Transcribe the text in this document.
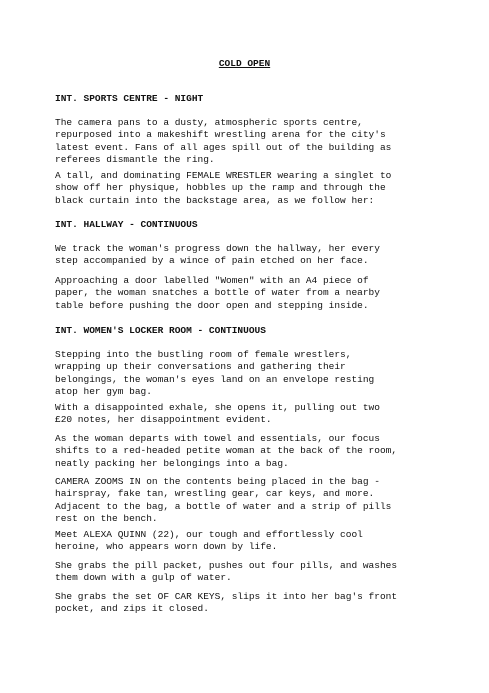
COLD OPEN

INT. SPORTS CENTRE - NIGHT

The camera pans to a dusty, atmospheric sports centre,
repurposed into a makeshift wrestling arena for the city's
latest event. Fans of all ages spill out of the building as
referees dismantle the ring.

A tall, and dominating FEMALE WRESTLER wearing a singlet to
show off her physique, hobbles up the ramp and through the
black curtain into the backstage area, as we follow her:

INT. HALLWAY - CONTINUOUS

We track the woman's progress down the hallway, her every
step accompanied by a wince of pain etched on her face.

Approaching a door labelled "Women" with an A4 piece of
paper, the woman snatches a bottle of water from a nearby
table before pushing the door open and stepping inside.

INT. WOMEN'S LOCKER ROOM - CONTINUOUS

Stepping into the bustling room of female wrestlers,
wrapping up their conversations and gathering their
belongings, the woman's eyes land on an envelope resting
atop her gym bag.

With a disappointed exhale, she opens it, pulling out two
£20 notes, her disappointment evident.

As the woman departs with towel and essentials, our focus
shifts to a red-headed petite woman at the back of the room,
neatly packing her belongings into a bag.

CAMERA ZOOMS IN on the contents being placed in the bag -
hairspray, fake tan, wrestling gear, car keys, and more.
Adjacent to the bag, a bottle of water and a strip of pills
rest on the bench.

Meet ALEXA QUINN (22), our tough and effortlessly cool
heroine, who appears worn down by life.

She grabs the pill packet, pushes out four pills, and washes
them down with a gulp of water.

She grabs the set OF CAR KEYS, slips it into her bag's front
pocket, and zips it closed.
